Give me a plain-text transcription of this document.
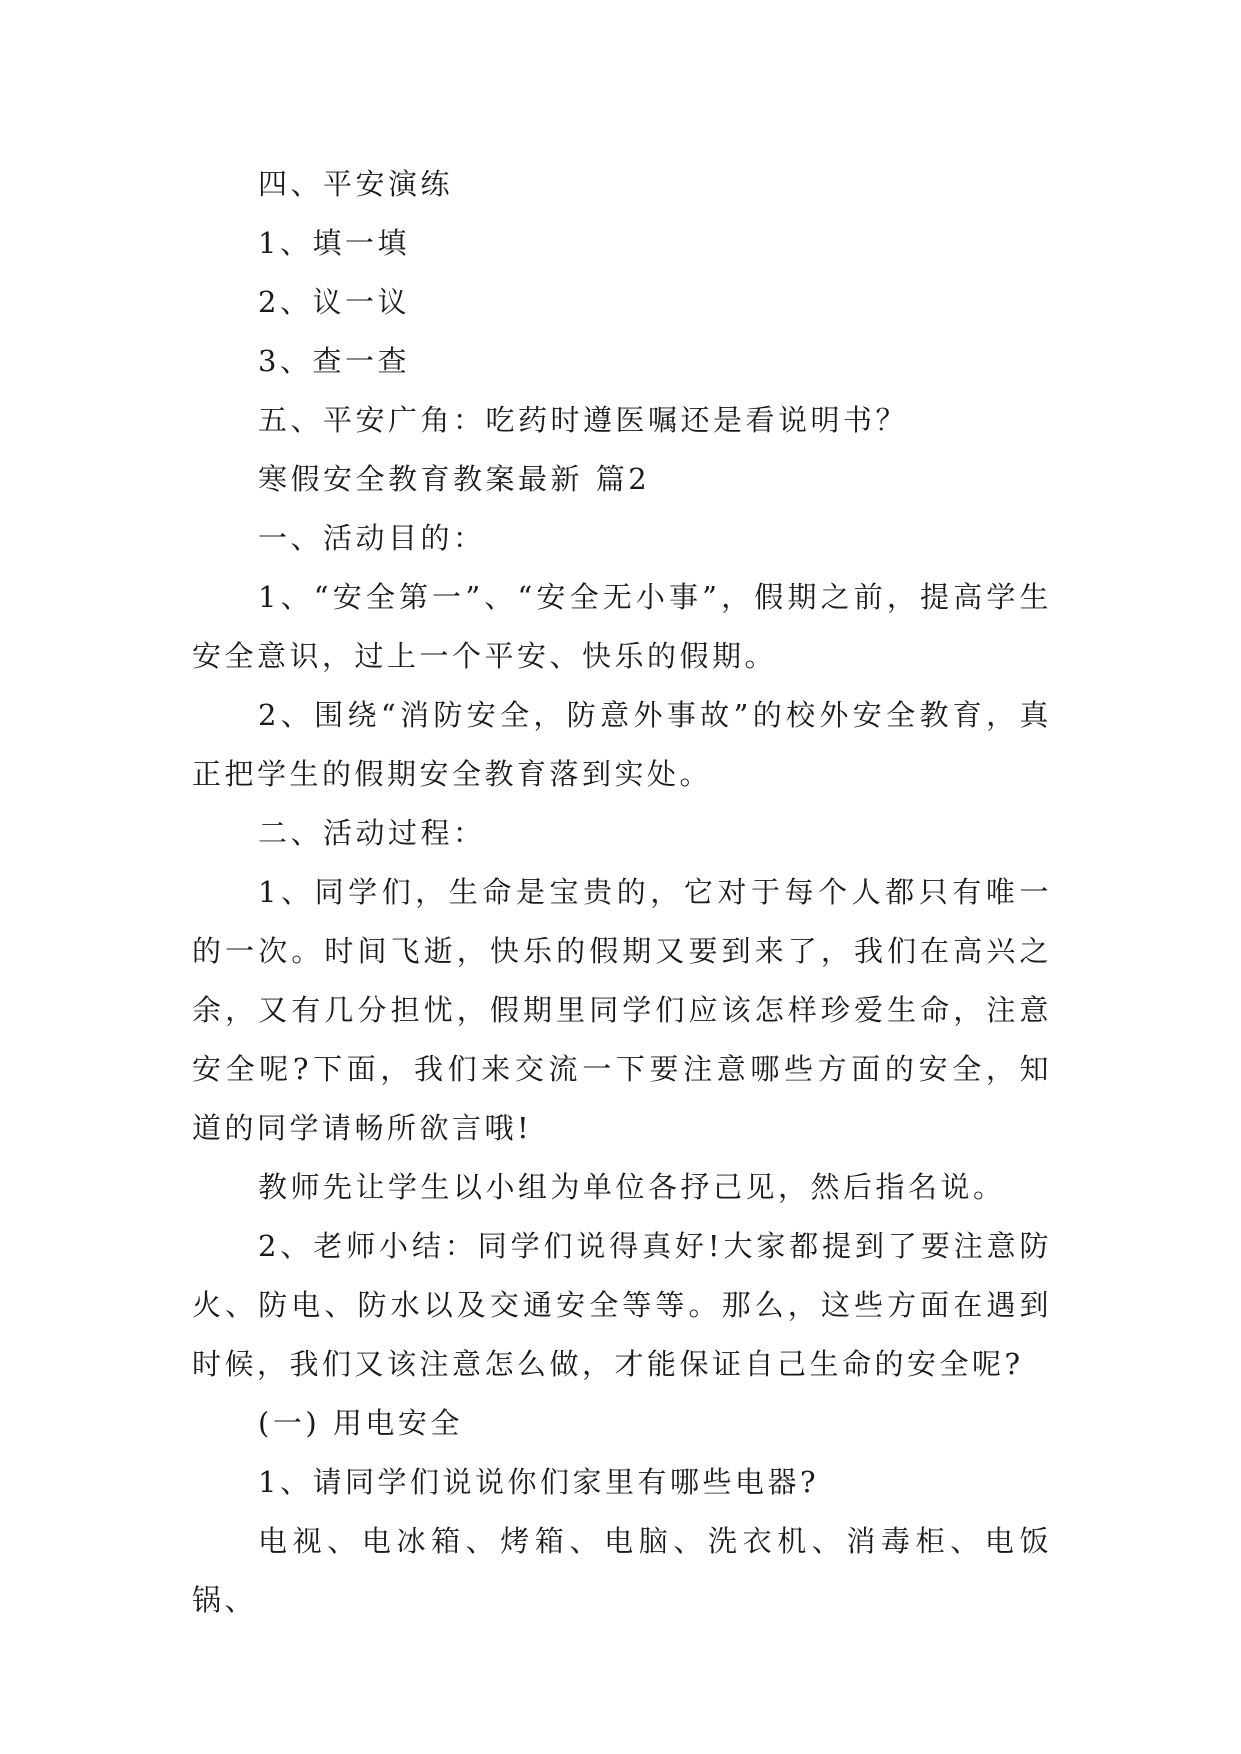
四、平安演练

1、填一填

2、议一议

3、查一查

五、平安广角：吃药时遵医嘱还是看说明书？

寒假安全教育教案最新 篇2

一、活动目的：

1、“安全第一”、“安全无小事”，假期之前，提高学生安全意识，过上一个平安、快乐的假期。

2、围绕“消防安全，防意外事故”的校外安全教育，真正把学生的假期安全教育落到实处。

二、活动过程：

1、同学们，生命是宝贵的，它对于每个人都只有唯一的一次。时间飞逝，快乐的假期又要到来了，我们在高兴之余，又有几分担忧，假期里同学们应该怎样珍爱生命，注意安全呢?下面，我们来交流一下要注意哪些方面的安全，知道的同学请畅所欲言哦!

教师先让学生以小组为单位各抒己见，然后指名说。

2、老师小结：同学们说得真好!大家都提到了要注意防火、防电、防水以及交通安全等等。那么，这些方面在遇到时候，我们又该注意怎么做，才能保证自己生命的安全呢?

(一) 用电安全

1、请同学们说说你们家里有哪些电器?

电视、电冰箱、烤箱、电脑、洗衣机、消毒柜、电饭锅、
